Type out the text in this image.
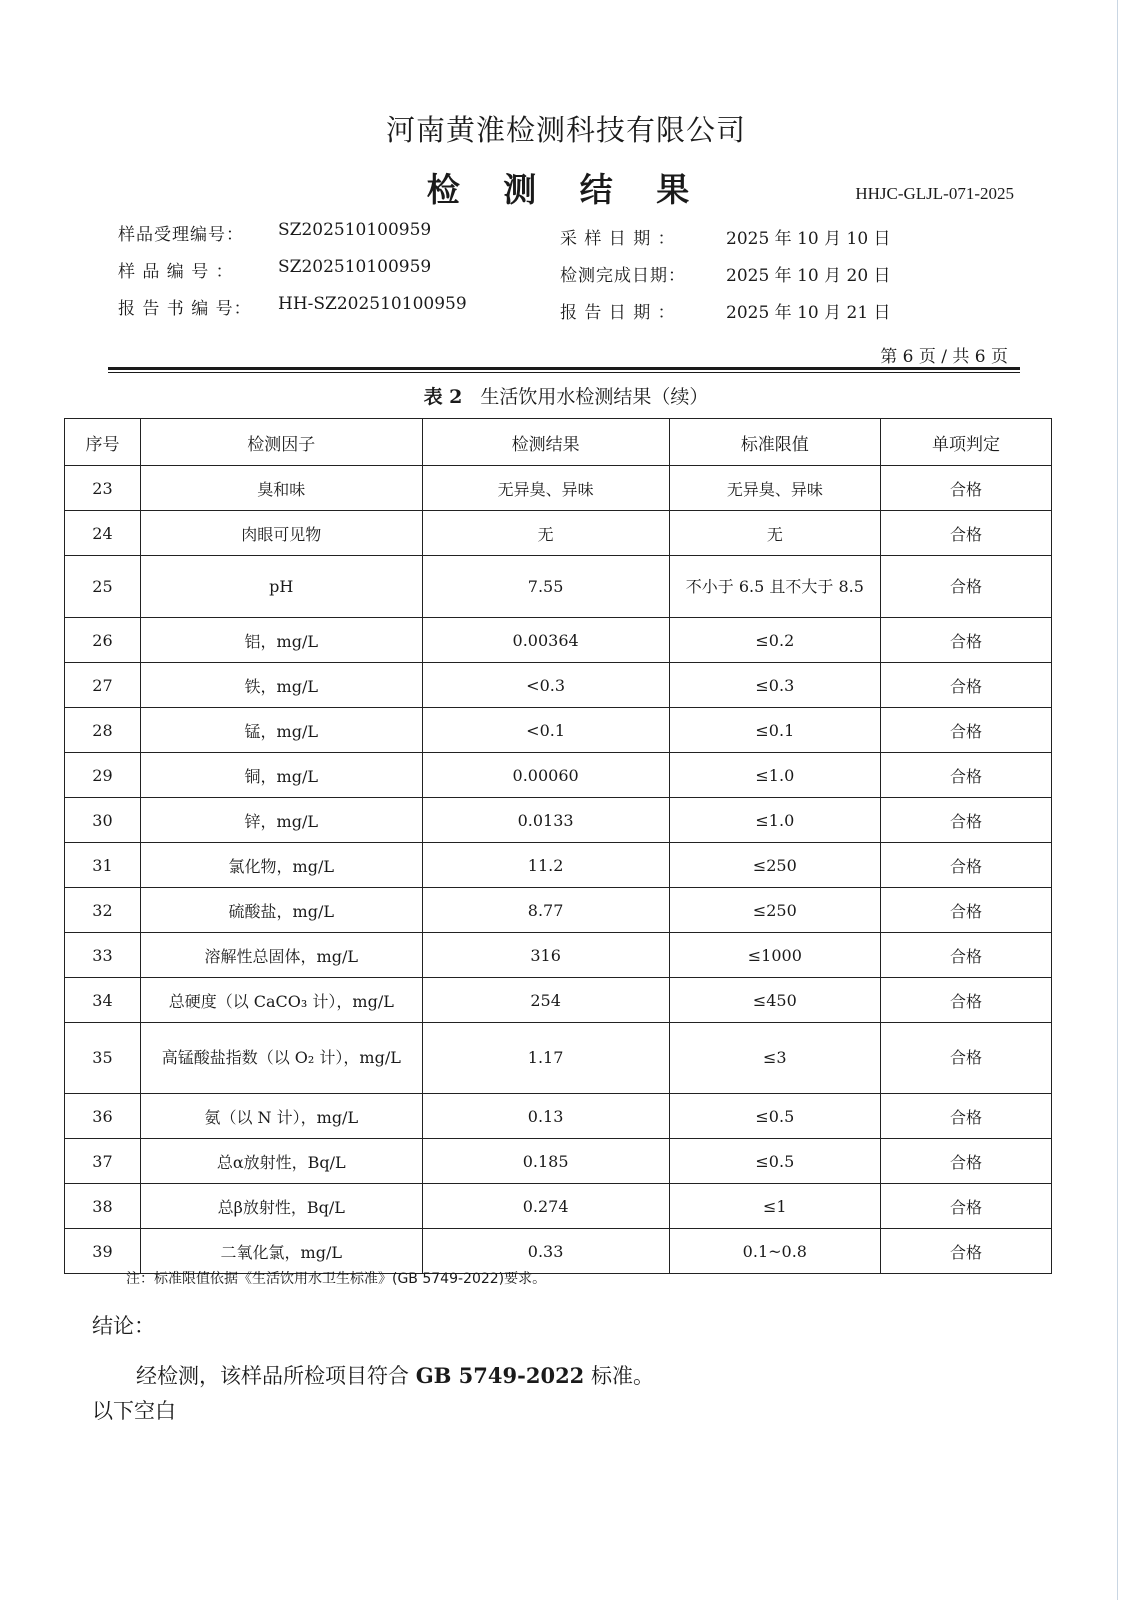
河南黄淮检测科技有限公司
检 测 结 果	HHJC-GLJL-071-2025
样品受理编号： SZ202510100959
样 品 编 号 ：	SZ202510100959
报 告 书 编 号： HH-SZ202510100959
采 样 日 期 ：	2025 年 10 月 10 日
检测完成日期： 2025 年 10 月 20 日
报 告 日 期 ：	2025 年 10 月 21 日
第 6 页 / 共 6 页
表 2 生活饮用水检测结果（续）
序号	检测因子	检测结果	标准限值	单项判定
23	臭和味	无异臭、异味	无异臭、异味	合格
24	肉眼可见物	无	无	合格
25	pH	7.55	不小于 6.5 且不大于 8.5	合格
26	铝，mg/L	0.00364	≤0.2	合格
27	铁，mg/L	<0.3	≤0.3	合格
28	锰，mg/L	<0.1	≤0.1	合格
29	铜，mg/L	0.00060	≤1.0	合格
30	锌，mg/L	0.0133	≤1.0	合格
31	氯化物，mg/L	11.2	≤250	合格
32	硫酸盐，mg/L	8.77	≤250	合格
33	溶解性总固体，mg/L	316	≤1000	合格
34	总硬度（以 CaCO₃ 计），mg/L	254	≤450	合格
35	高锰酸盐指数（以 O₂ 计），mg/L	1.17	≤3	合格
36	氨（以 N 计），mg/L	0.13	≤0.5	合格
37	总α放射性，Bq/L	0.185	≤0.5	合格
38	总β放射性，Bq/L	0.274	≤1	合格
39	二氧化氯，mg/L	0.33	0.1~0.8	合格
注：标准限值依据《生活饮用水卫生标准》(GB 5749-2022)要求。
结论：
经检测，该样品所检项目符合 GB 5749-2022 标准。
以下空白
